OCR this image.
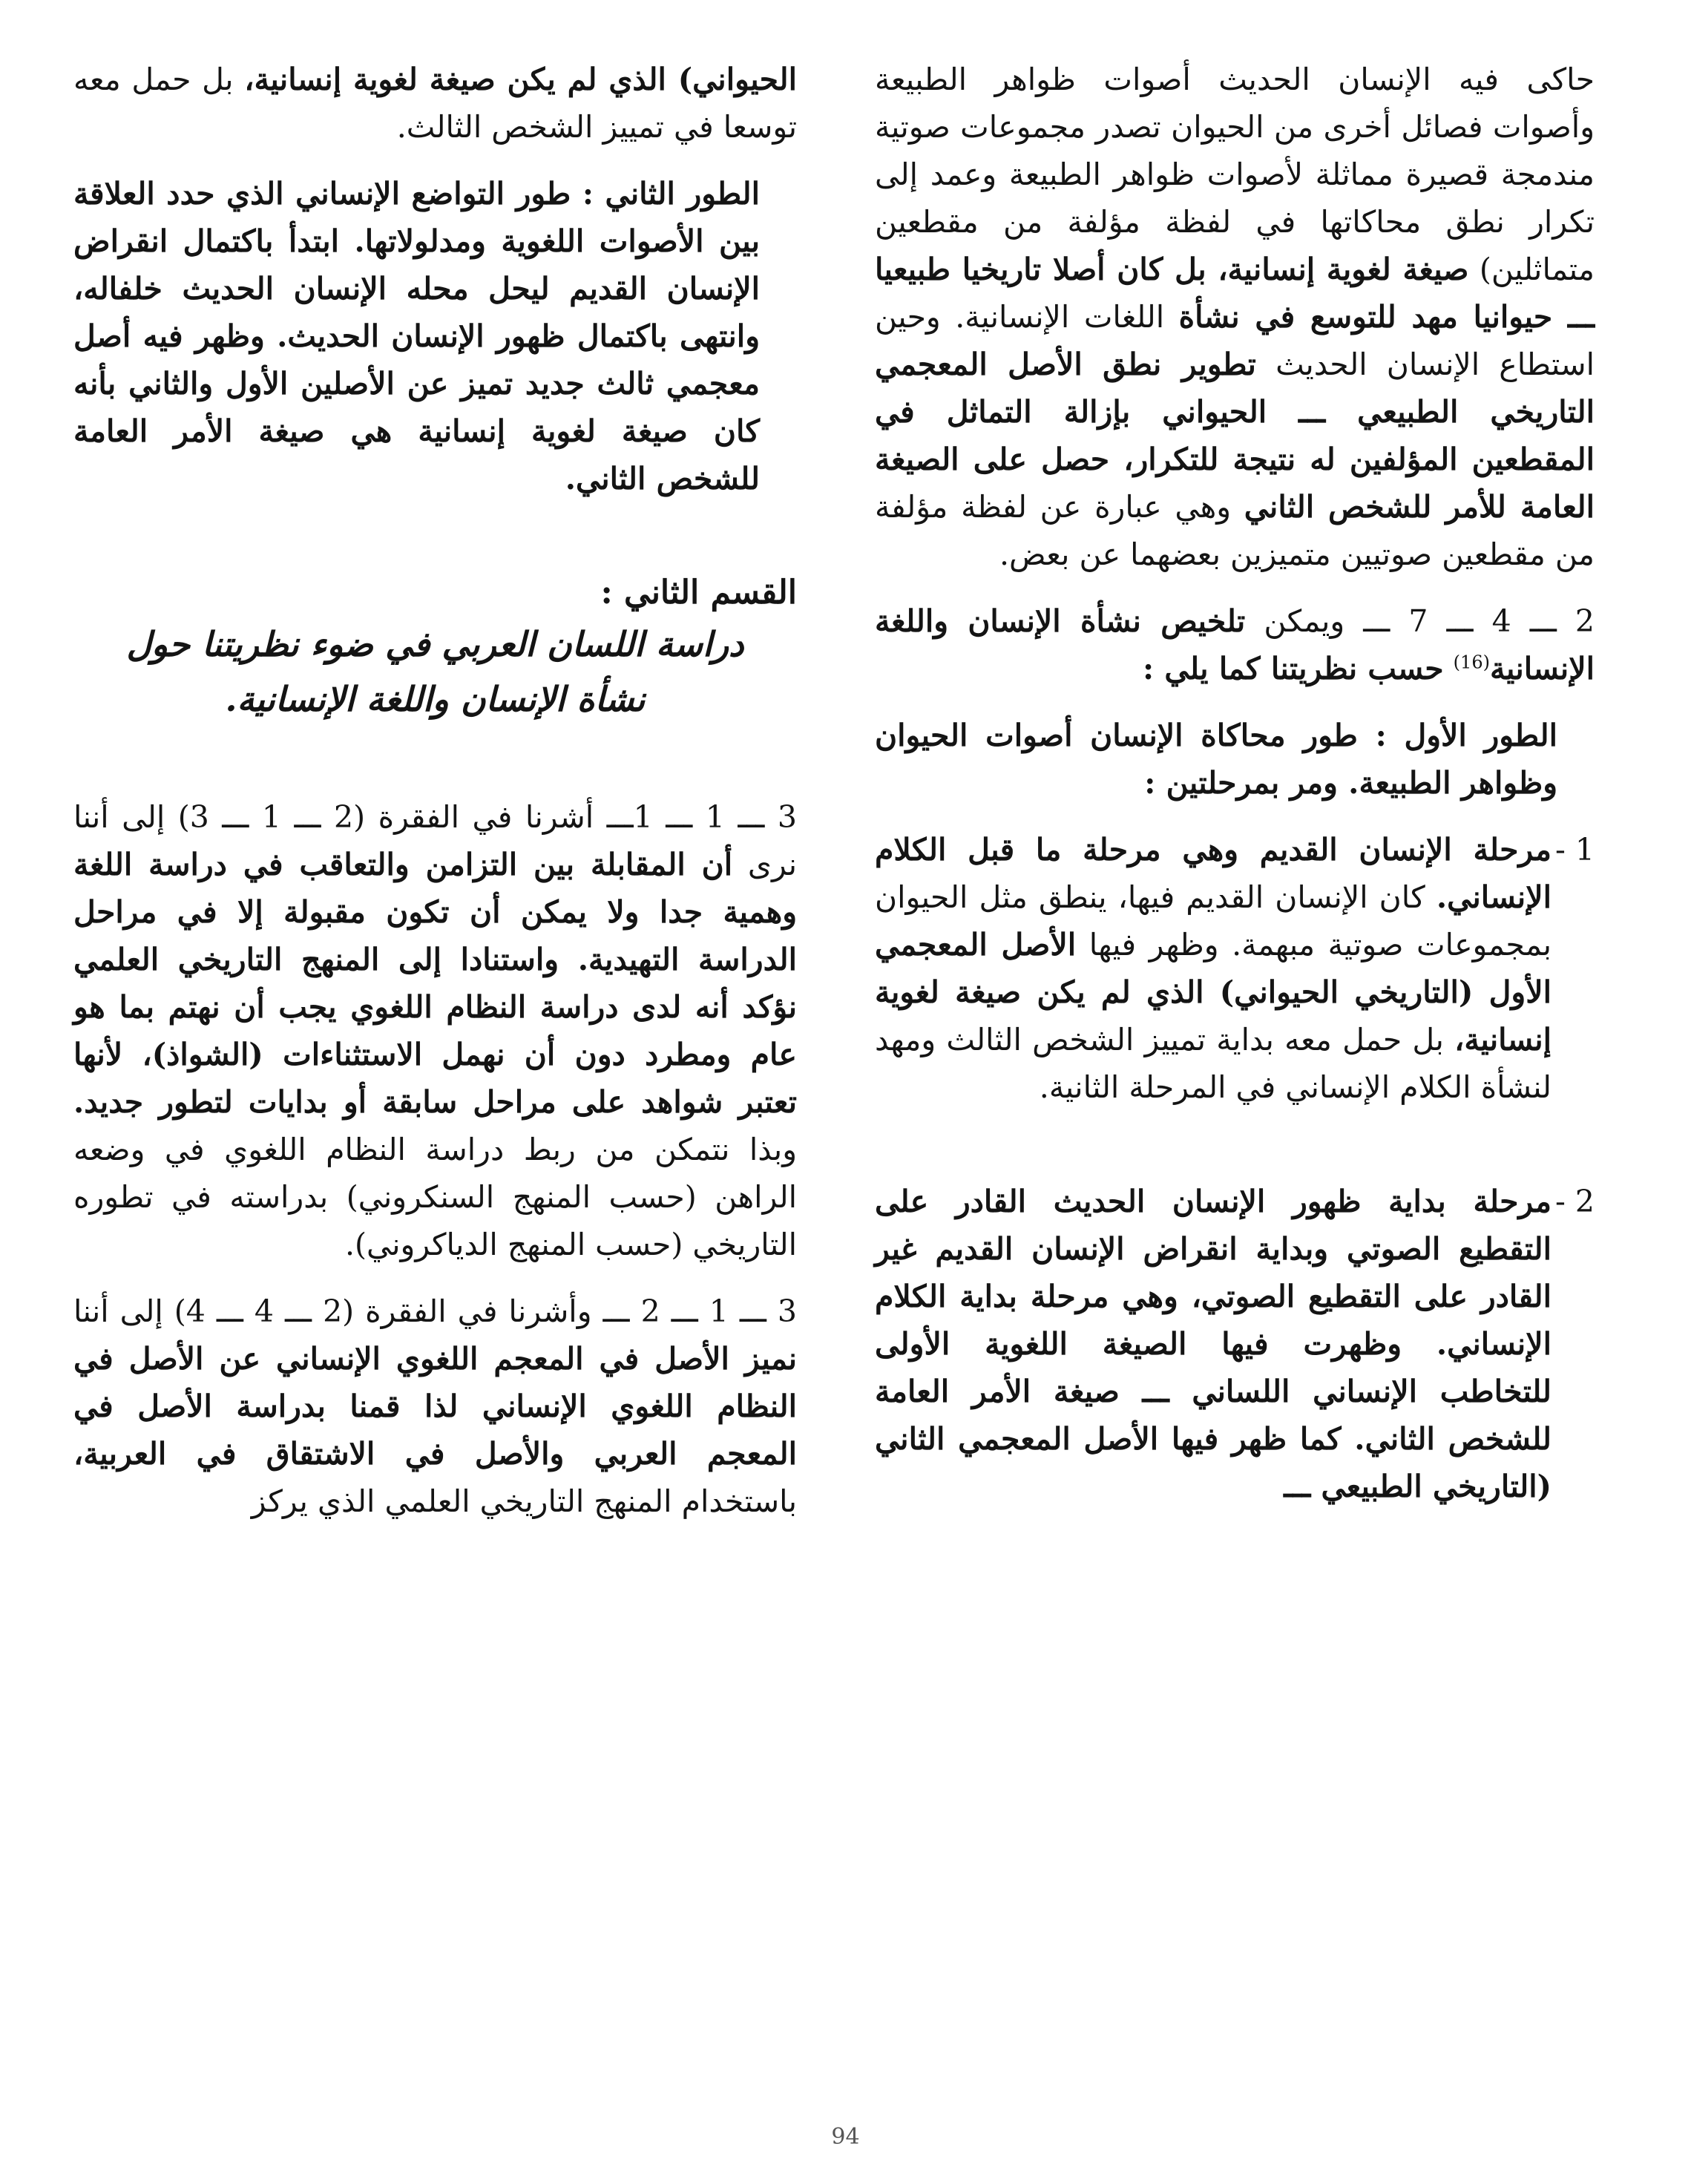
حاكى فيه الإنسان الحديث أصوات ظواهر الطبيعة وأصوات فصائل أخرى من الحيوان تصدر مجموعات صوتية مندمجة قصيرة مماثلة لأصوات ظواهر الطبيعة وعمد إلى تكرار نطق محاكاتها في لفظة مؤلفة من مقطعين متماثلين) صيغة لغوية إنسانية، بل كان أصلا تاريخيا طبيعيا ـــ حيوانيا مهد للتوسع في نشأة اللغات الإنسانية. وحين استطاع الإنسان الحديث تطوير نطق الأصل المعجمي التاريخي الطبيعي ـــ الحيواني بإزالة التماثل في المقطعين المؤلفين له نتيجة للتكرار، حصل على الصيغة العامة للأمر للشخص الثاني وهي عبارة عن لفظة مؤلفة من مقطعين صوتيين متميزين بعضهما عن بعض.

2 ـــ 4 ـــ 7 ـــ ويمكن تلخيص نشأة الإنسان واللغة الإنسانية$^{(16)}$ حسب نظريتنا كما يلي :

الطور الأول : طور محاكاة الإنسان أصوات الحيوان وظواهر الطبيعة. ومر بمرحلتين :

1 -

مرحلة الإنسان القديم وهي مرحلة ما قبل الكلام الإنساني. كان الإنسان القديم فيها، ينطق مثل الحيوان بمجموعات صوتية مبهمة. وظهر فيها الأصل المعجمي الأول (التاريخي الحيواني) الذي لم يكن صيغة لغوية إنسانية، بل حمل معه بداية تمييز الشخص الثالث ومهد لنشأة الكلام الإنساني في المرحلة الثانية.

2 -

مرحلة بداية ظهور الإنسان الحديث القادر على التقطيع الصوتي وبداية انقراض الإنسان القديم غير القادر على التقطيع الصوتي، وهي مرحلة بداية الكلام الإنساني. وظهرت فيها الصيغة اللغوية الأولى للتخاطب الإنساني اللساني ـــ صيغة الأمر العامة للشخص الثاني. كما ظهر فيها الأصل المعجمي الثاني (التاريخي الطبيعي ـــ

الحيواني) الذي لم يكن صيغة لغوية إنسانية، بل حمل معه توسعا في تمييز الشخص الثالث.

الطور الثاني : طور التواضع الإنساني الذي حدد العلاقة بين الأصوات اللغوية ومدلولاتها. ابتدأ باكتمال انقراض الإنسان القديم ليحل محله الإنسان الحديث خلفاله، وانتهى باكتمال ظهور الإنسان الحديث. وظهر فيه أصل معجمي ثالث جديد تميز عن الأصلين الأول والثاني بأنه كان صيغة لغوية إنسانية هي صيغة الأمر العامة للشخص الثاني.

القسم الثاني :

دراسة اللسان العربي في ضوء نظريتنا حول

نشأة الإنسان واللغة الإنسانية.

3 ـــ 1 ـــ 1ـــ أشرنا في الفقرة (2 ـــ 1 ـــ 3) إلى أننا نرى أن المقابلة بين التزامن والتعاقب في دراسة اللغة وهمية جدا ولا يمكن أن تكون مقبولة إلا في مراحل الدراسة التهيدية. واستنادا إلى المنهج التاريخي العلمي نؤكد أنه لدى دراسة النظام اللغوي يجب أن نهتم بما هو عام ومطرد دون أن نهمل الاستثناءات (الشواذ)، لأنها تعتبر شواهد على مراحل سابقة أو بدايات لتطور جديد. وبذا نتمكن من ربط دراسة النظام اللغوي في وضعه الراهن (حسب المنهج السنكروني) بدراسته في تطوره التاريخي (حسب المنهج الدياكروني).

3 ـــ 1 ـــ 2 ـــ وأشرنا في الفقرة (2 ـــ 4 ـــ 4) إلى أننا نميز الأصل في المعجم اللغوي الإنساني عن الأصل في النظام اللغوي الإنساني لذا قمنا بدراسة الأصل في المعجم العربي والأصل في الاشتقاق في العربية، باستخدام المنهج التاريخي العلمي الذي يركز

94
